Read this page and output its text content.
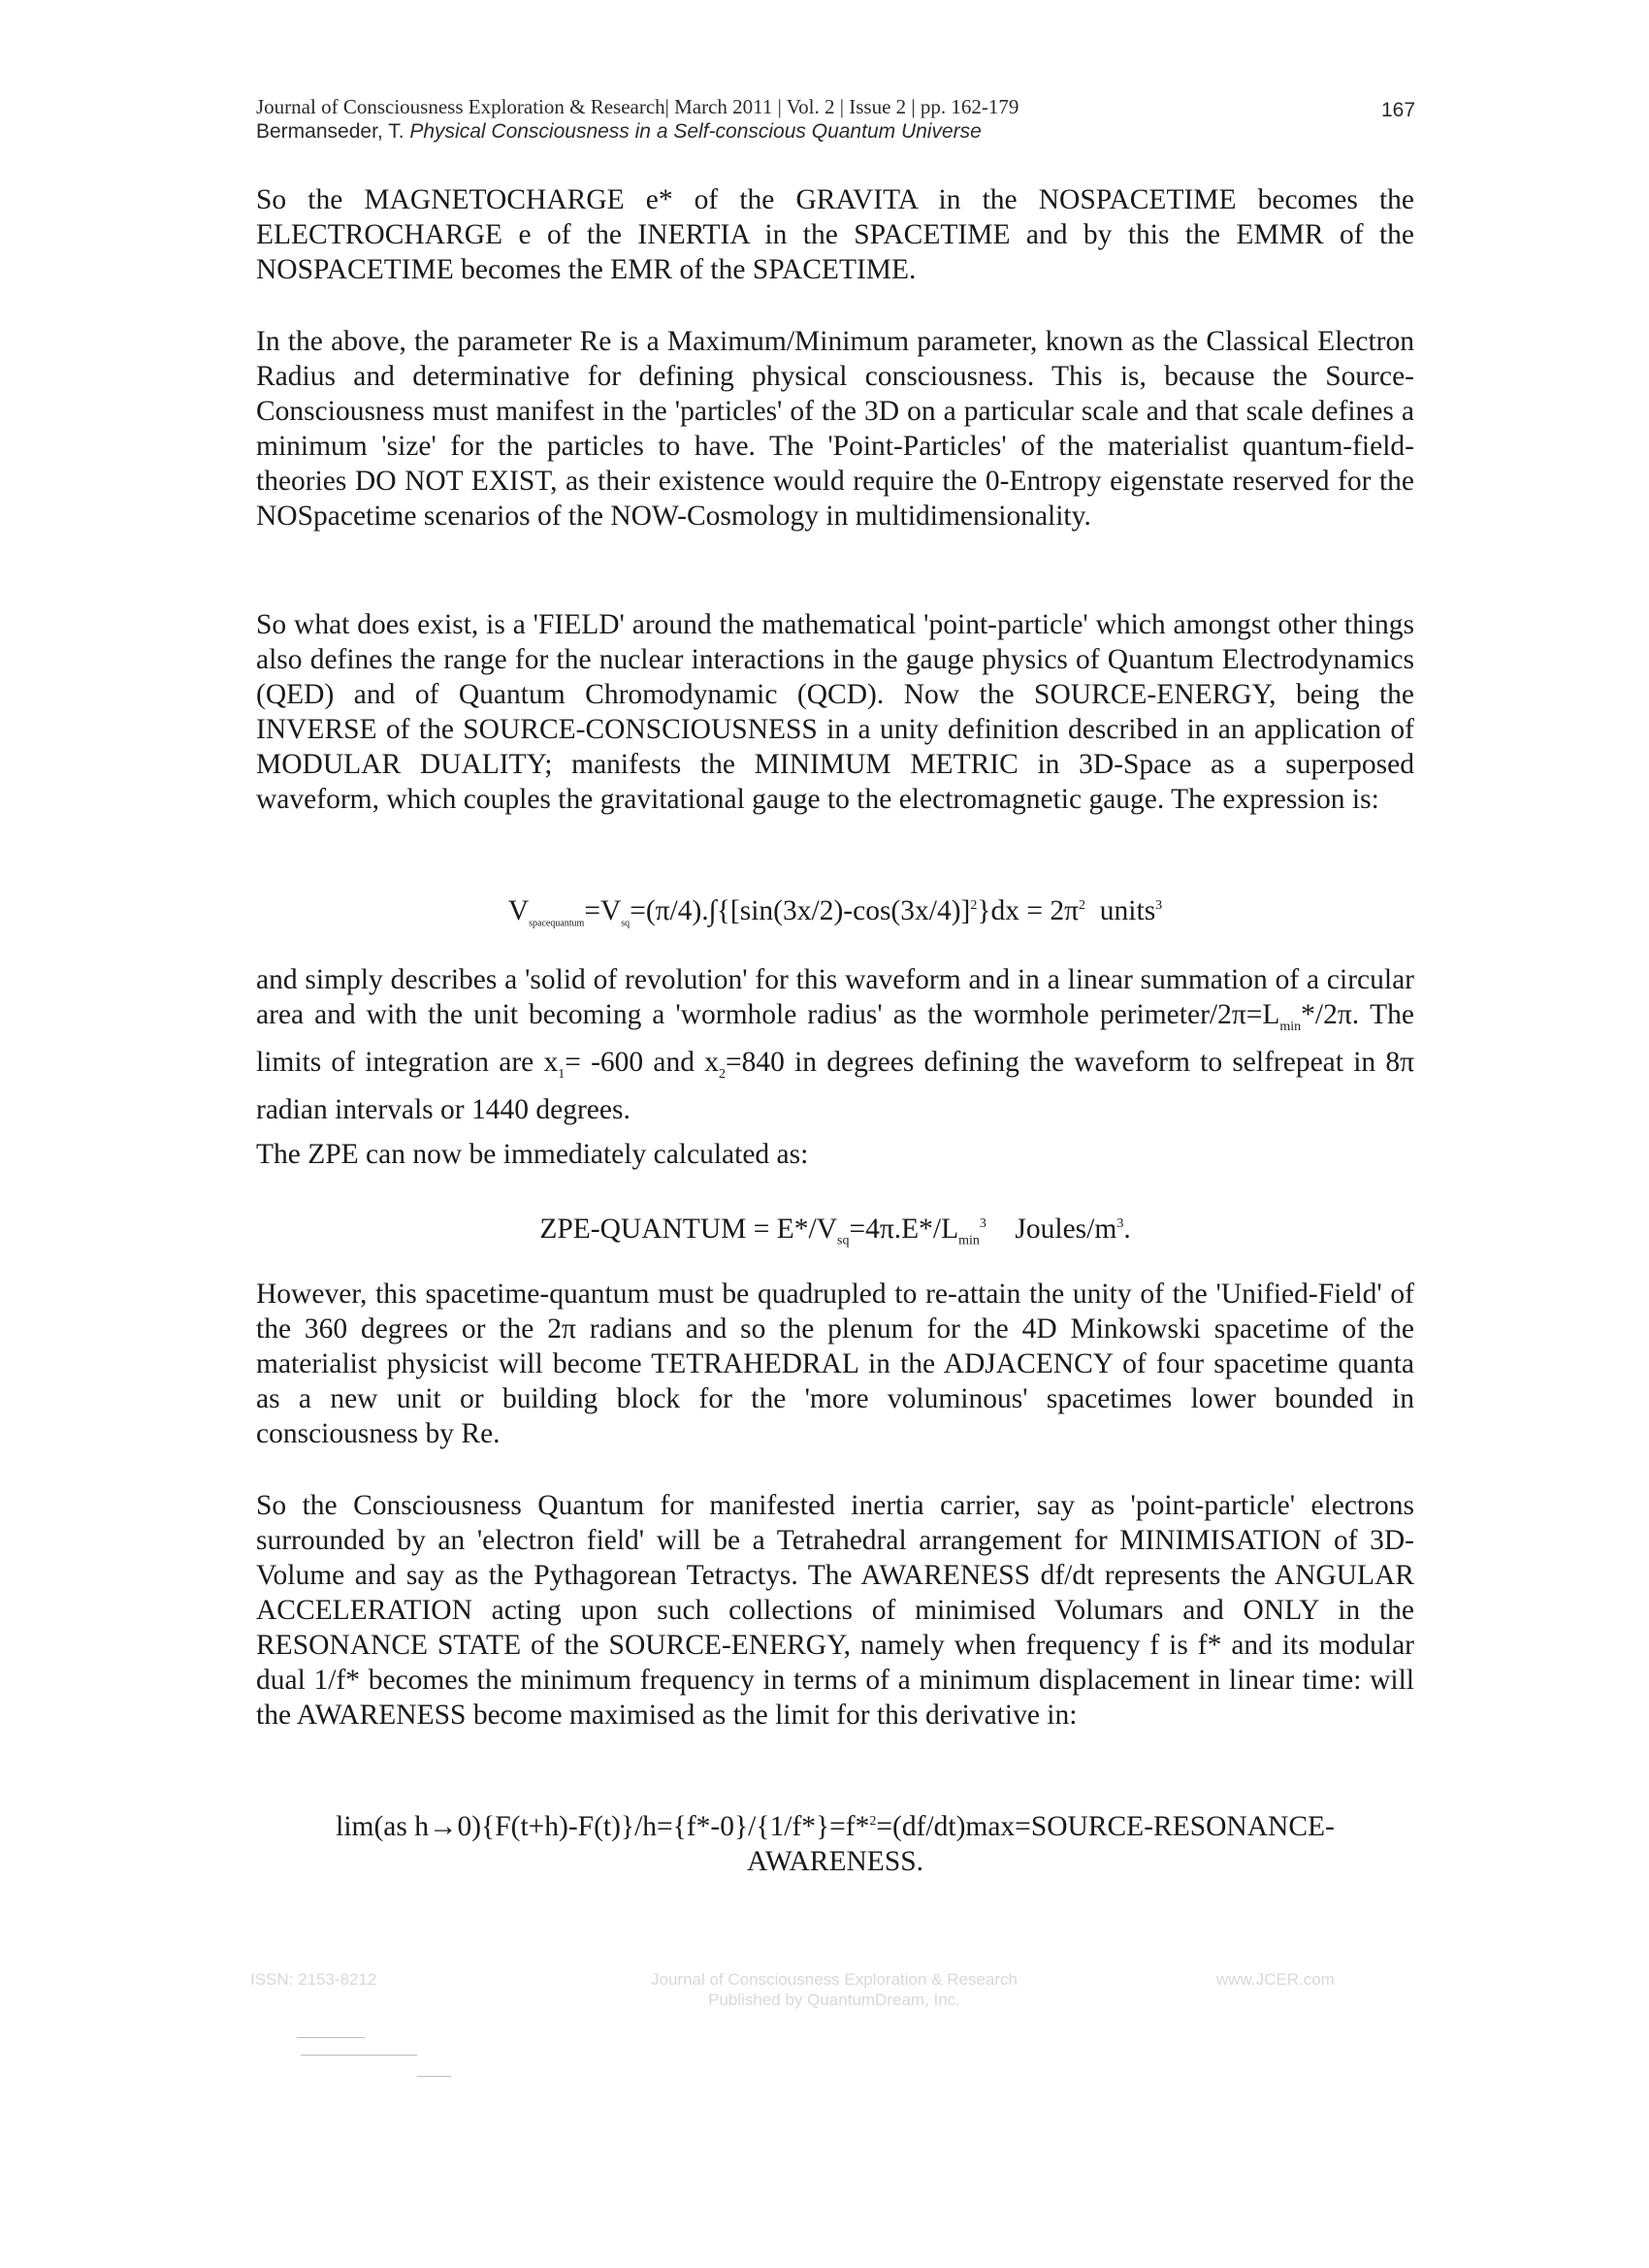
Journal of Consciousness Exploration & Research| March 2011 | Vol. 2 | Issue 2 | pp. 162-179
Bermanseder, T. Physical Consciousness in a Self-conscious Quantum Universe
167
So the MAGNETOCHARGE e* of the GRAVITA in the NOSPACETIME becomes the ELECTROCHARGE e of the INERTIA in the SPACETIME and by this the EMMR of the NOSPACETIME becomes the EMR of the SPACETIME.
In the above, the parameter Re is a Maximum/Minimum parameter, known as the Classical Electron Radius and determinative for defining physical consciousness. This is, because the Source-Consciousness must manifest in the 'particles' of the 3D on a particular scale and that scale defines a minimum 'size' for the particles to have. The 'Point-Particles' of the materialist quantum-field-theories DO NOT EXIST, as their existence would require the 0-Entropy eigenstate reserved for the NOSpacetime scenarios of the NOW-Cosmology in multidimensionality.
So what does exist, is a 'FIELD' around the mathematical 'point-particle' which amongst other things also defines the range for the nuclear interactions in the gauge physics of Quantum Electrodynamics (QED) and of Quantum Chromodynamic (QCD). Now the SOURCE-ENERGY, being the INVERSE of the SOURCE-CONSCIOUSNESS in a unity definition described in an application of MODULAR DUALITY; manifests the MINIMUM METRIC in 3D-Space as a superposed waveform, which couples the gravitational gauge to the electromagnetic gauge. The expression is:
$V_{spacequantum}=V_{sq}=(\pi/4).\int\{[\sin(3x/2)-\cos(3x/4)]^2\}dx = 2\pi^2$ units$^3$
and simply describes a 'solid of revolution' for this waveform and in a linear summation of a circular area and with the unit becoming a 'wormhole radius' as the wormhole perimeter/$2\pi=L_{min}*/2\pi$. The limits of integration are $x_1= -600$ and $x_2=840$ in degrees defining the waveform to selfrepeat in 8π radian intervals or 1440 degrees.
The ZPE can now be immediately calculated as:
ZPE-QUANTUM = $E*/V_{sq}=4\pi.E*/L_{min}^3$ Joules/$m^3$.
However, this spacetime-quantum must be quadrupled to re-attain the unity of the 'Unified-Field' of the 360 degrees or the 2π radians and so the plenum for the 4D Minkowski spacetime of the materialist physicist will become TETRAHEDRAL in the ADJACENCY of four spacetime quanta as a new unit or building block for the 'more voluminous' spacetimes lower bounded in consciousness by Re.
So the Consciousness Quantum for manifested inertia carrier, say as 'point-particle' electrons surrounded by an 'electron field' will be a Tetrahedral arrangement for MINIMISATION of 3D-Volume and say as the Pythagorean Tetractys. The AWARENESS df/dt represents the ANGULAR ACCELERATION acting upon such collections of minimised Volumars and ONLY in the RESONANCE STATE of the SOURCE-ENERGY, namely when frequency f is f* and its modular dual 1/f* becomes the minimum frequency in terms of a minimum displacement in linear time: will the AWARENESS become maximised as the limit for this derivative in:
lim(as h→0){F(t+h)-F(t)}/h={f*-0}/{1/f*}=f*$^2$=(df/dt)max=SOURCE-RESONANCE-
AWARENESS.
ISSN: 2153-8212	Journal of Consciousness Exploration & Research
Published by QuantumDream, Inc.
www.JCER.com
